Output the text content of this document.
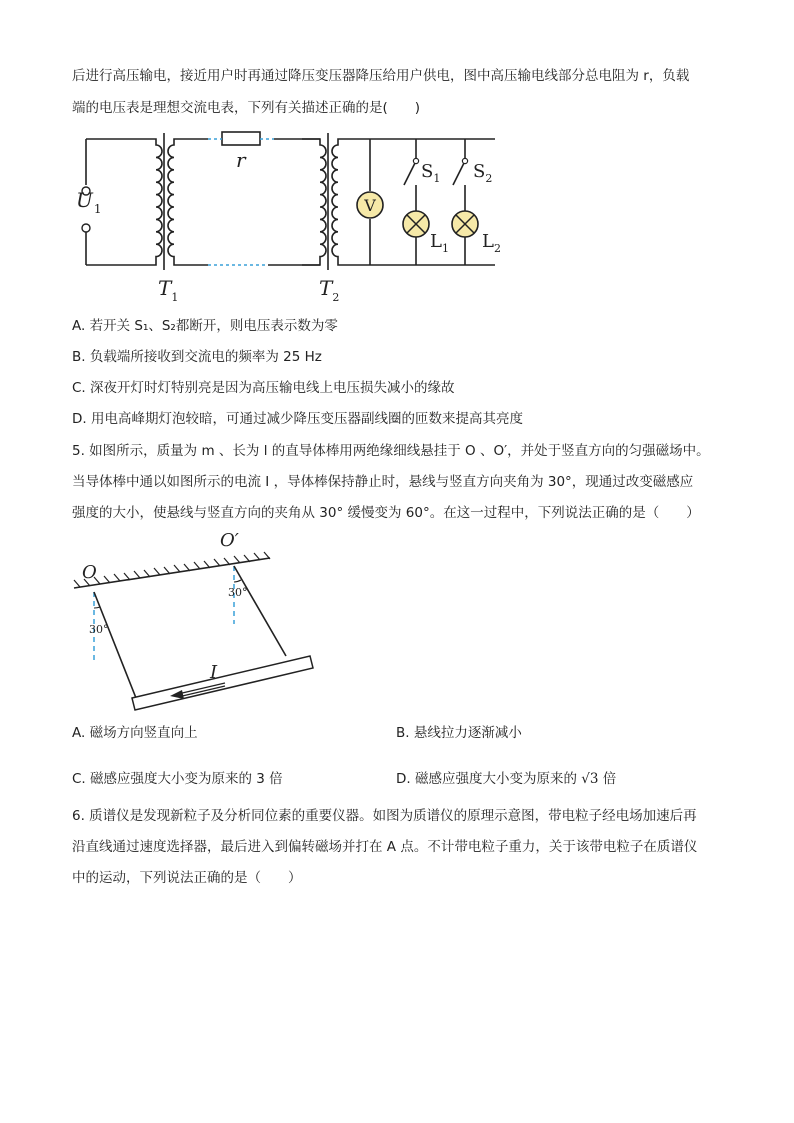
后进行高压输电，接近用户时再通过降压变压器降压给用户供电，图中高压输电线部分总电阻为 r，负载
端的电压表是理想交流电表，下列有关描述正确的是(　　)
V
$U_1$
r	$S_1$ $S_2$
$L_1$ $L_2$
$T_1$	$T_2$
A. 若开关 S₁、S₂都断开，则电压表示数为零
B. 负载端所接收到交流电的频率为 25 Hz
C. 深夜开灯时灯特别亮是因为高压输电线上电压损失减小的缘故
D. 用电高峰期灯泡较暗，可通过减少降压变压器副线圈的匝数来提高其亮度
5. 如图所示，质量为 m 、长为 l 的直导体棒用两绝缘细线悬挂于 O 、O′，并处于竖直方向的匀强磁场中。
当导体棒中通以如图所示的电流 I ，导体棒保持静止时，悬线与竖直方向夹角为 30°，现通过改变磁感应
强度的大小，使悬线与竖直方向的夹角从 30° 缓慢变为 60°。在这一过程中，下列说法正确的是（　　）
O
O′
30°
30°
I
A. 磁场方向竖直向上	B. 悬线拉力逐渐减小
C. 磁感应强度大小变为原来的 3 倍	D. 磁感应强度大小变为原来的 √3 倍
6. 质谱仪是发现新粒子及分析同位素的重要仪器。如图为质谱仪的原理示意图，带电粒子经电场加速后再
沿直线通过速度选择器，最后进入到偏转磁场并打在 A 点。不计带电粒子重力，关于该带电粒子在质谱仪
中的运动，下列说法正确的是（　　）
